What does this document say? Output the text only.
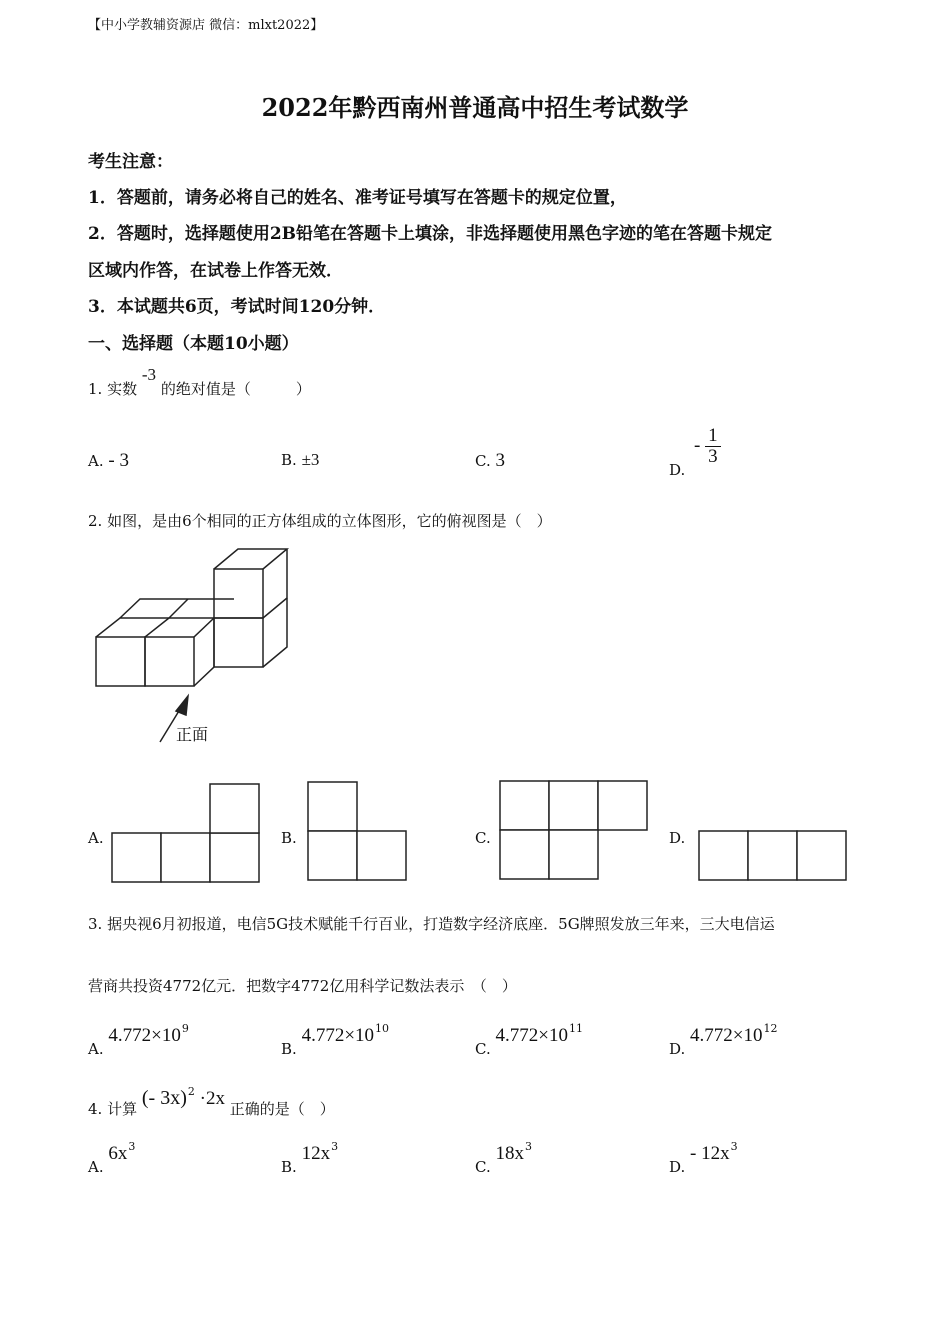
【中小学教辅资源店 微信：mlxt2022】
2022年黔西南州普通高中招生考试数学
考生注意：
1．答题前，请务必将自己的姓名、准考证号填写在答题卡的规定位置，
2．答题时，选择题使用2B铅笔在答题卡上填涂，非选择题使用黑色字迹的笔在答题卡规定
区域内作答，在试卷上作答无效．
3．本试题共6页，考试时间120分钟．
一、选择题（本题10小题）
1. 实数 -3 的绝对值是（　　　）
A. - 3	B. ±3	C. 3	D. - $\frac{1}{3}$
2. 如图，是由6个相同的正方体组成的立体图形，它的俯视图是（　）
正面
A.	B.	C.	D.
3. 据央视6月初报道，电信5G技术赋能千行百业，打造数字经济底座．5G牌照发放三年来，三大电信运
营商共投资4772亿元．把数字4772亿用科学记数法表示　（　）
A. $4.772\times 10^9$
B. $4.772\times 10^{10}$
C. $4.772\times 10^{11}$
D. $4.772\times 10^{12}$
4. 计算 (- 3x)$^2$ ·2x 正确的是（　）
A. $6x^3$
B. $12x^3$
C. $18x^3$
D. - $12x^3$
